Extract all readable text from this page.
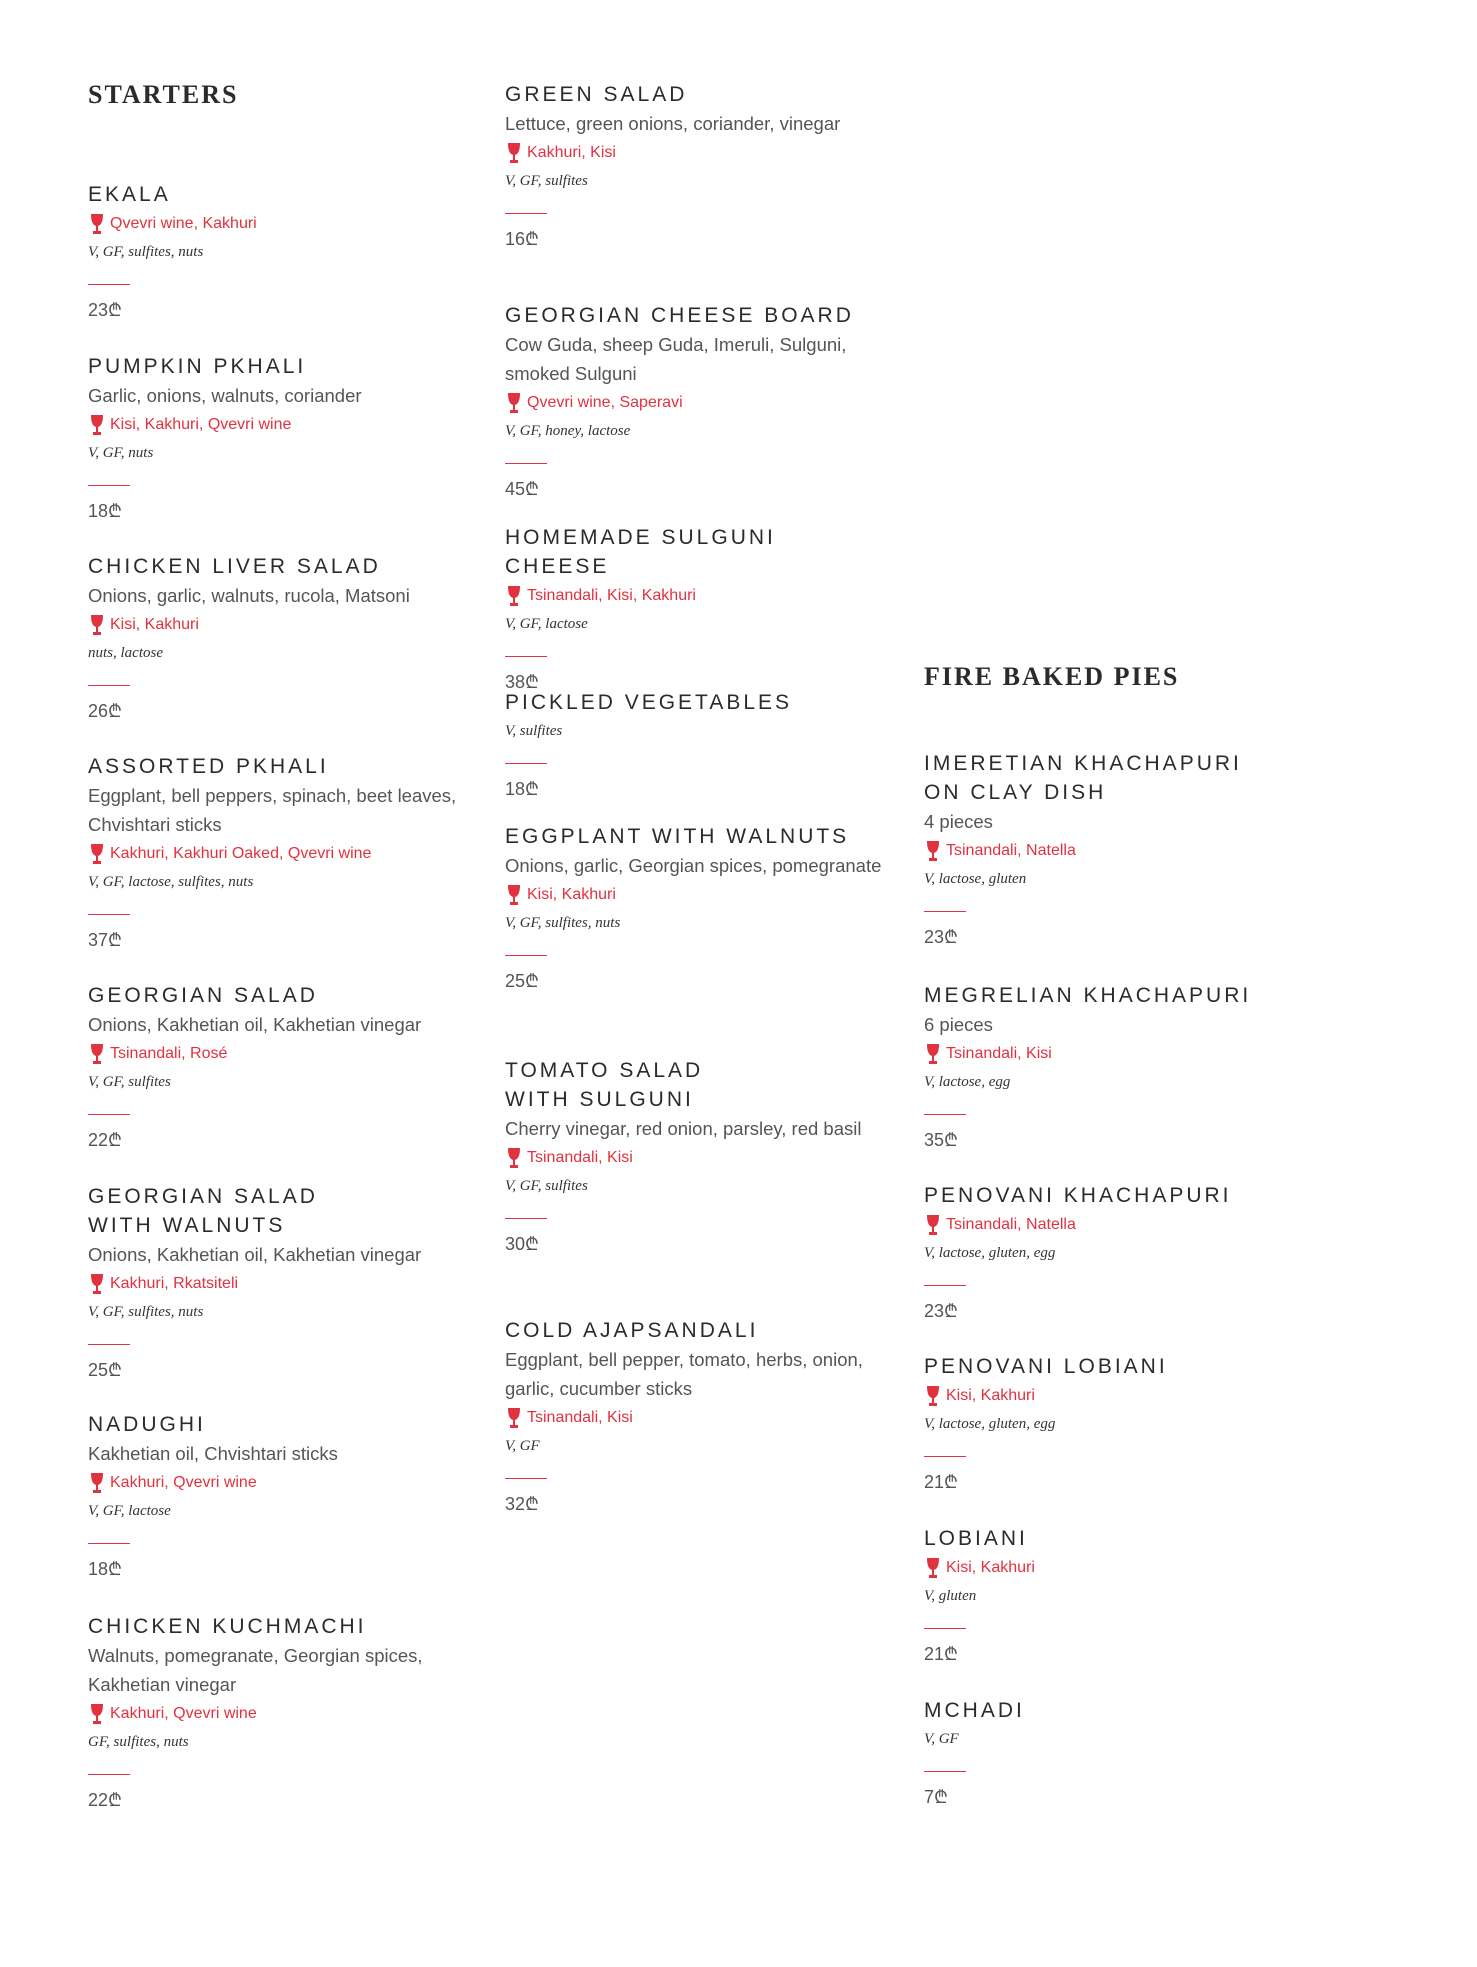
STARTERS
EKALA
Qvevri wine, Kakhuri
V, GF, sulfites, nuts
23₾
PUMPKIN PKHALI
Garlic, onions, walnuts, coriander
Kisi, Kakhuri, Qvevri wine
V, GF, nuts
18₾
CHICKEN LIVER SALAD
Onions, garlic, walnuts, rucola, Matsoni
Kisi, Kakhuri
nuts, lactose
26₾
ASSORTED PKHALI
Eggplant, bell peppers, spinach, beet leaves, Chvishtari sticks
Kakhuri, Kakhuri Oaked, Qvevri wine
V, GF, lactose, sulfites, nuts
37₾
GEORGIAN SALAD
Onions, Kakhetian oil, Kakhetian vinegar
Tsinandali, Rosé
V, GF, sulfites
22₾
GEORGIAN SALAD
WITH WALNUTS
Onions, Kakhetian oil, Kakhetian vinegar
Kakhuri, Rkatsiteli
V, GF, sulfites, nuts
25₾
NADUGHI
Kakhetian oil, Chvishtari sticks
Kakhuri, Qvevri wine
V, GF, lactose
18₾
CHICKEN KUCHMACHI
Walnuts, pomegranate, Georgian spices, Kakhetian vinegar
Kakhuri, Qvevri wine
GF, sulfites, nuts
22₾
GREEN SALAD
Lettuce, green onions, coriander, vinegar
Kakhuri, Kisi
V, GF, sulfites
16₾
GEORGIAN CHEESE BOARD
Cow Guda, sheep Guda, Imeruli, Sulguni, smoked Sulguni
Qvevri wine, Saperavi
V, GF, honey, lactose
45₾
HOMEMADE SULGUNI CHEESE
Tsinandali, Kisi, Kakhuri
V, GF, lactose
38₾
PICKLED VEGETABLES
V, sulfites
18₾
EGGPLANT WITH WALNUTS
Onions, garlic, Georgian spices, pomegranate
Kisi, Kakhuri
V, GF, sulfites, nuts
25₾
TOMATO SALAD
WITH SULGUNI
Cherry vinegar, red onion, parsley, red basil
Tsinandali, Kisi
V, GF, sulfites
30₾
COLD AJAPSANDALI
Eggplant, bell pepper, tomato, herbs, onion, garlic, cucumber sticks
Tsinandali, Kisi
V, GF
32₾
FIRE BAKED PIES
IMERETIAN KHACHAPURI
ON CLAY DISH
4 pieces
Tsinandali, Natella
V, lactose, gluten
23₾
MEGRELIAN KHACHAPURI
6 pieces
Tsinandali, Kisi
V, lactose, egg
35₾
PENOVANI KHACHAPURI
Tsinandali, Natella
V, lactose, gluten, egg
23₾
PENOVANI LOBIANI
Kisi, Kakhuri
V, lactose, gluten, egg
21₾
LOBIANI
Kisi, Kakhuri
V, gluten
21₾
MCHADI
V, GF
7₾
